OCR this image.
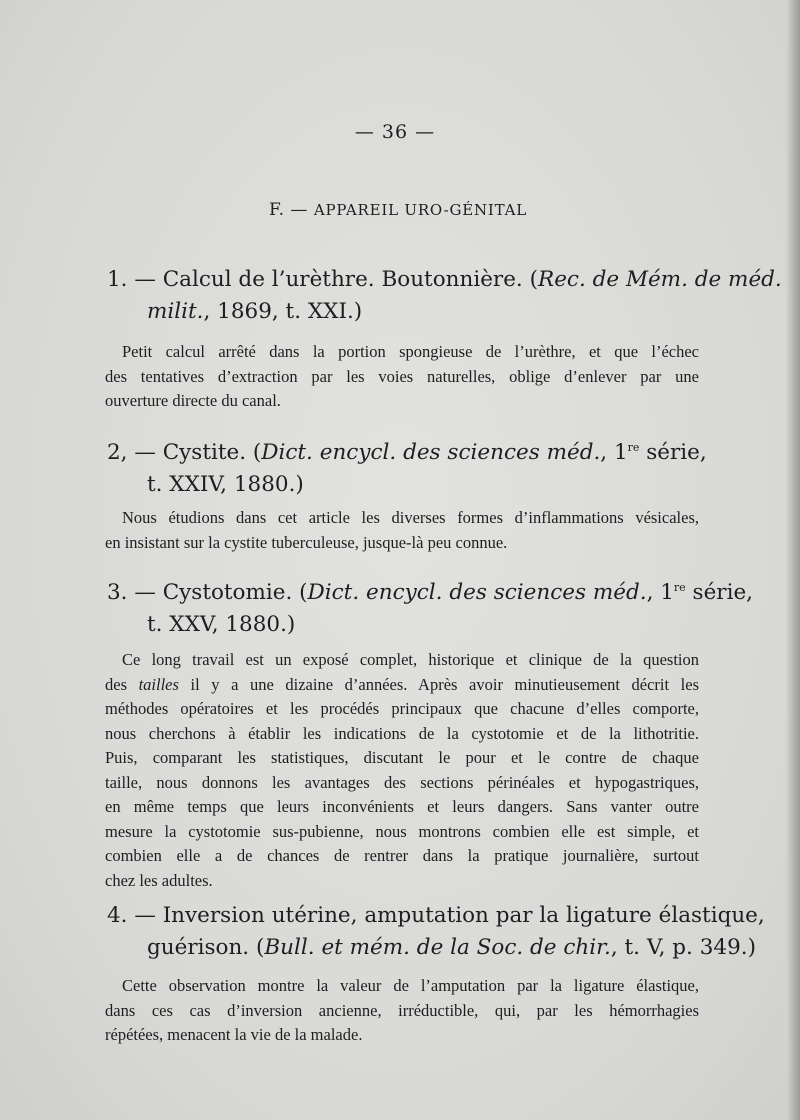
— 36 —
F. — APPAREIL URO-GÉNITAL
1. — Calcul de l’urèthre. Boutonnière. (Rec. de Mém. de méd.
milit., 1869, t. XXI.)
Petit calcul arrêté dans la portion spongieuse de l’urèthre, et que l’échec
des tentatives d’extraction par les voies naturelles, oblige d’enlever par une
ouverture directe du canal.
2, — Cystite. (Dict. encycl. des sciences méd., 1re série,
t. XXIV, 1880.)
Nous étudions dans cet article les diverses formes d’inflammations vésicales,
en insistant sur la cystite tuberculeuse, jusque-là peu connue.
3. — Cystotomie. (Dict. encycl. des sciences méd., 1re série,
t. XXV, 1880.)
Ce long travail est un exposé complet, historique et clinique de la question
des tailles il y a une dizaine d’années. Après avoir minutieusement décrit les
méthodes opératoires et les procédés principaux que chacune d’elles comporte,
nous cherchons à établir les indications de la cystotomie et de la lithotritie.
Puis, comparant les statistiques, discutant le pour et le contre de chaque
taille, nous donnons les avantages des sections périnéales et hypogastriques,
en même temps que leurs inconvénients et leurs dangers. Sans vanter outre
mesure la cystotomie sus-pubienne, nous montrons combien elle est simple, et
combien elle a de chances de rentrer dans la pratique journalière, surtout
chez les adultes.
4. — Inversion utérine, amputation par la ligature élastique,
guérison. (Bull. et mém. de la Soc. de chir., t. V, p. 349.)
Cette observation montre la valeur de l’amputation par la ligature élastique,
dans ces cas d’inversion ancienne, irréductible, qui, par les hémorrhagies
répétées, menacent la vie de la malade.
